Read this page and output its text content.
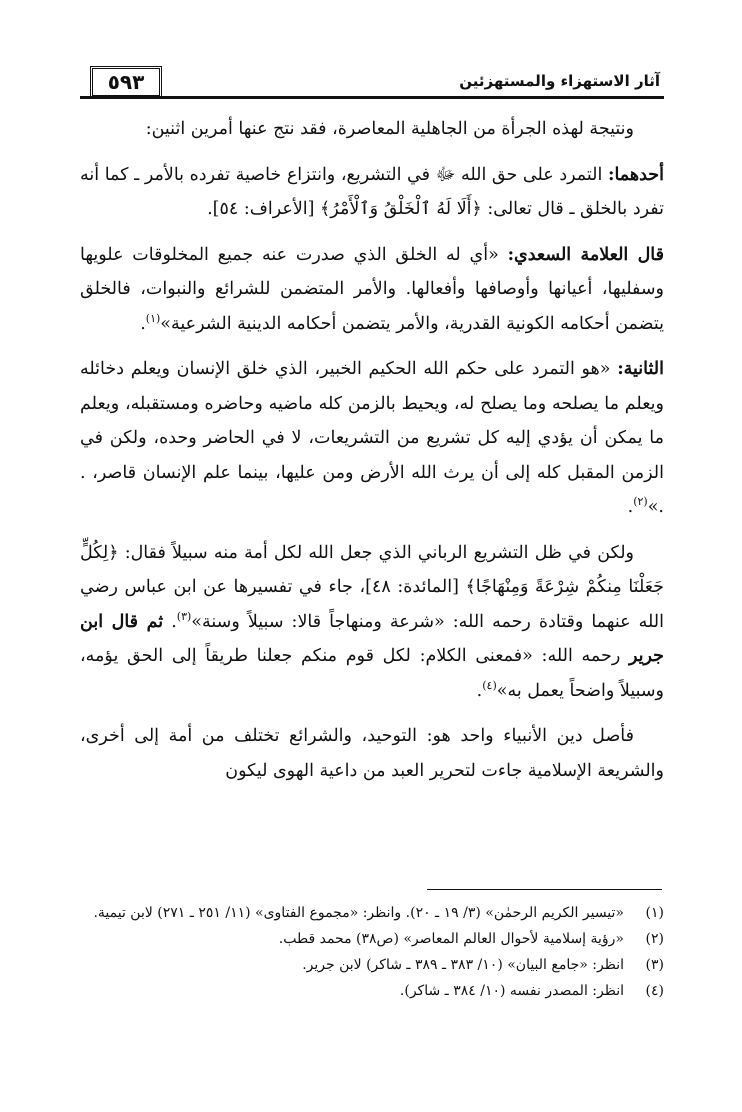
آثار الاستهزاء والمستهزئين
٥٩٣

ونتيجة لهذه الجرأة من الجاهلية المعاصرة، فقد نتج عنها أمرين اثنين:

أحدهما: التمرد على حق الله ﷻ في التشريع، وانتزاع خاصية تفرده بالأمر ـ كما أنه تفرد بالخلق ـ قال تعالى: ﴿أَلَا لَهُ ٱلْخَلْقُ وَٱلْأَمْرُ﴾ [الأعراف: ٥٤].

قال العلامة السعدي: «أي له الخلق الذي صدرت عنه جميع المخلوقات علويها وسفليها، أعيانها وأوصافها وأفعالها. والأمر المتضمن للشرائع والنبوات، فالخلق يتضمن أحكامه الكونية القدرية، والأمر يتضمن أحكامه الدينية الشرعية»$^{(١)}$.

الثانية: «هو التمرد على حكم الله الحكيم الخبير، الذي خلق الإنسان ويعلم دخائله ويعلم ما يصلحه وما يصلح له، ويحيط بالزمن كله ماضيه وحاضره ومستقبله، ويعلم ما يمكن أن يؤدي إليه كل تشريع من التشريعات، لا في الحاضر وحده، ولكن في الزمن المقبل كله إلى أن يرث الله الأرض ومن عليها، بينما علم الإنسان قاصر، . .»$^{(٢)}$.

ولكن في ظل التشريع الرباني الذي جعل الله لكل أمة منه سبيلاً فقال: ﴿لِكُلٍّ جَعَلْنَا مِنكُمْ شِرْعَةً وَمِنْهَاجًا﴾ [المائدة: ٤٨]، جاء في تفسيرها عن ابن عباس رضي الله عنهما وقتادة رحمه الله: «شرعة ومنهاجاً قالا: سبيلاً وسنة»$^{(٣)}$. ثم قال ابن جرير رحمه الله: «فمعنى الكلام: لكل قوم منكم جعلنا طريقاً إلى الحق يؤمه، وسبيلاً واضحاً يعمل به»$^{(٤)}$.

فأصل دين الأنبياء واحد هو: التوحيد، والشرائع تختلف من أمة إلى أخرى، والشريعة الإسلامية جاءت لتحرير العبد من داعية الهوى ليكون

(١)«تيسير الكريم الرحمٰن» (٣/ ١٩ ـ ٢٠). وانظر: «مجموع الفتاوى» (١١/ ٢٥١ ـ ٢٧١) لابن تيمية.

(٢)«رؤية إسلامية لأحوال العالم المعاصر» (ص٣٨) محمد قطب.

(٣)انظر: «جامع البيان» (١٠/ ٣٨٣ ـ ٣٨٩ ـ شاكر) لابن جرير.

(٤)انظر: المصدر نفسه (١٠/ ٣٨٤ ـ شاكر).
